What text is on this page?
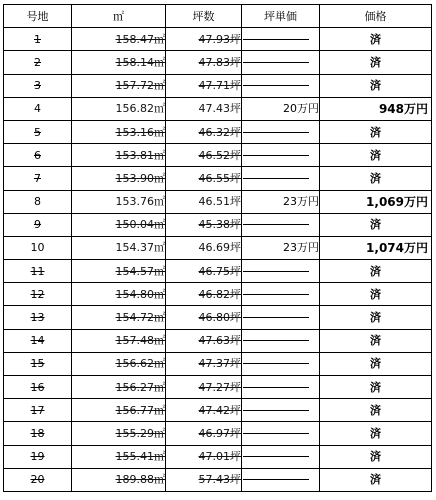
号地	㎡	坪数	坪単価	価格
1	158.47㎡	47.93坪		済
2	158.14㎡	47.83坪		済
3	157.72㎡	47.71坪		済
4	156.82㎡	47.43坪	20万円	948万円
5	153.16㎡	46.32坪		済
6	153.81㎡	46.52坪		済
7	153.90㎡	46.55坪		済
8	153.76㎡	46.51坪	23万円	1,069万円
9	150.04㎡	45.38坪		済
10	154.37㎡	46.69坪	23万円	1,074万円
11	154.57㎡	46.75坪		済
12	154.80㎡	46.82坪		済
13	154.72㎡	46.80坪		済
14	157.48㎡	47.63坪		済
15	156.62㎡	47.37坪		済
16	156.27㎡	47.27坪		済
17	156.77㎡	47.42坪		済
18	155.29㎡	46.97坪		済
19	155.41㎡	47.01坪		済
20	189.88㎡	57.43坪		済
